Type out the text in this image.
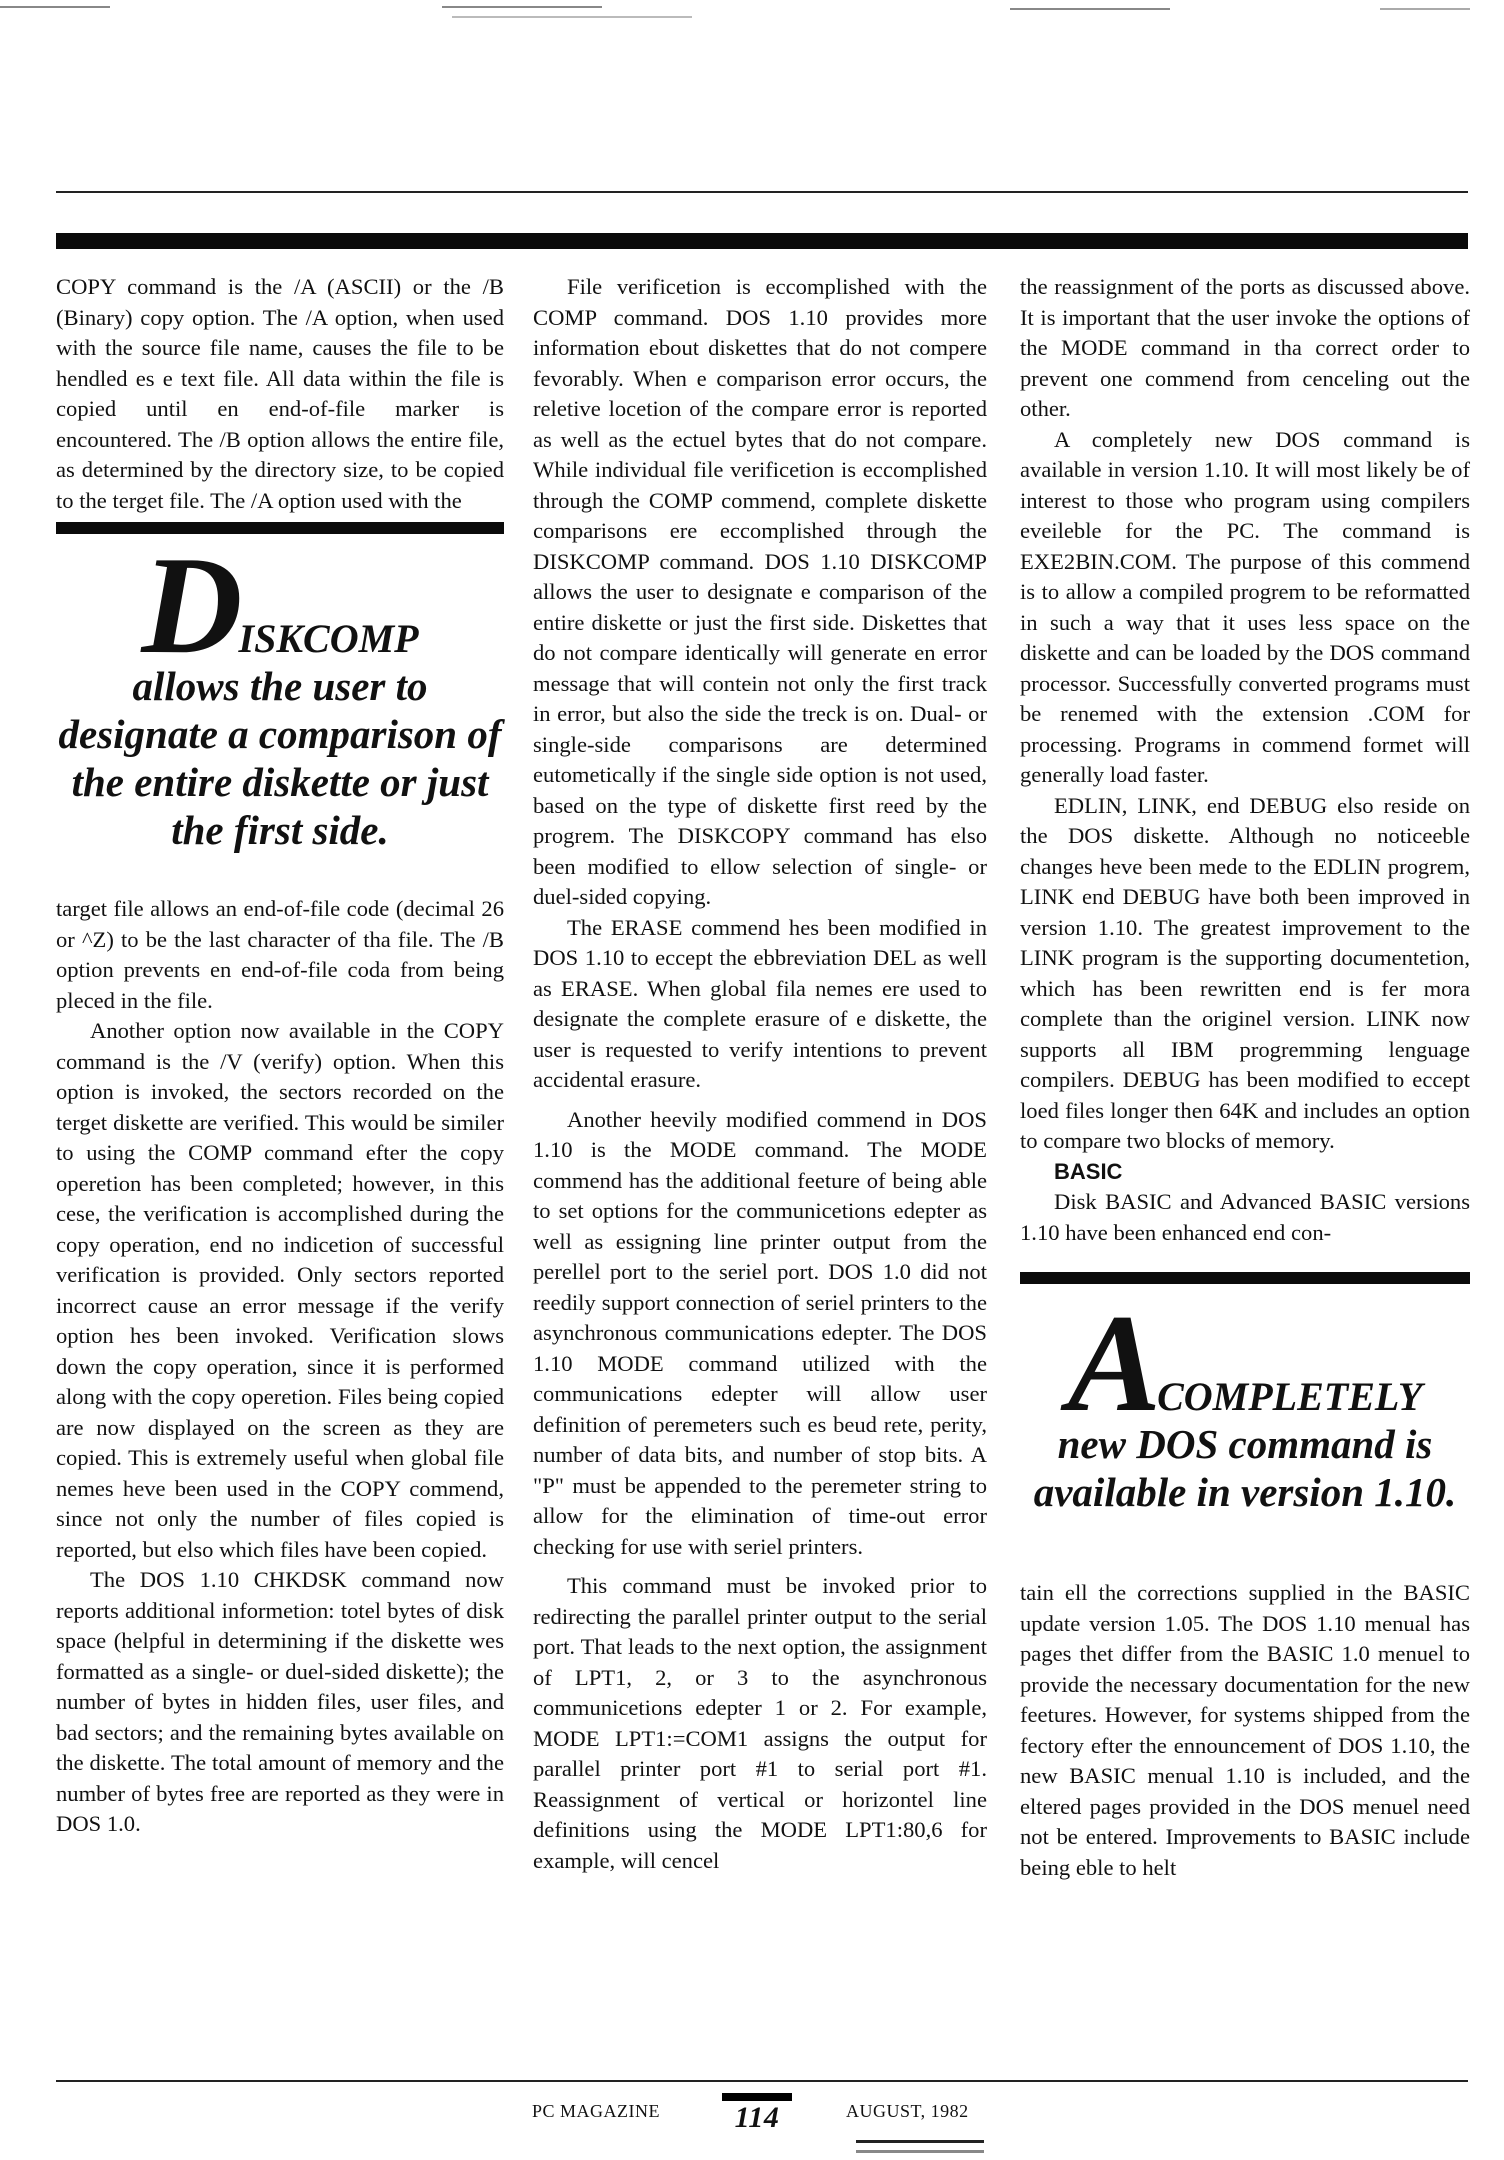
COPY command is the /A (ASCII) or the /B (Binary) copy option. The /A option, when used with the source file name, causes the file to be hendled es e text file. All data within the file is copied until en end-of-file marker is encountered. The /B option allows the entire file, as determined by the directory size, to be copied to the terget file. The /A option used with the

DISKCOMP
allows the user to designate a comparison of the entire diskette or just the first side.

target file allows an end-of-file code (decimal 26 or ^Z) to be the last character of tha file. The /B option prevents en end-of-file coda from being pleced in the file.

Another option now available in the COPY command is the /V (verify) option. When this option is invoked, the sectors recorded on the terget diskette are verified. This would be similer to using the COMP command efter the copy operetion has been completed; however, in this cese, the verification is accomplished during the copy operation, end no indicetion of successful verification is provided. Only sectors reported incorrect cause an error message if the verify option hes been invoked. Verification slows down the copy operation, since it is performed along with the copy operetion. Files being copied are now displayed on the screen as they are copied. This is extremely useful when global file nemes heve been used in the COPY commend, since not only the number of files copied is reported, but elso which files have been copied.

The DOS 1.10 CHKDSK command now reports additional informetion: totel bytes of disk space (helpful in determining if the diskette wes formatted as a single- or duel-sided diskette); the number of bytes in hidden files, user files, and bad sectors; and the remaining bytes available on the diskette. The total amount of memory and the number of bytes free are reported as they were in DOS 1.0.

File verificetion is eccomplished with the COMP command. DOS 1.10 provides more information ebout diskettes that do not compere fevorably. When e comparison error occurs, the reletive locetion of the compare error is reported as well as the ectuel bytes that do not compare. While individual file verificetion is eccomplished through the COMP commend, complete diskette comparisons ere eccomplished through the DISKCOMP command. DOS 1.10 DISKCOMP allows the user to designate e comparison of the entire diskette or just the first side. Diskettes that do not compare identically will generate en error message that will contein not only the first track in error, but also the side the treck is on. Dual- or single-side comparisons are determined eutometically if the single side option is not used, based on the type of diskette first reed by the progrem. The DISKCOPY command has elso been modified to ellow selection of single- or duel-sided copying.

The ERASE commend hes been modified in DOS 1.10 to eccept the ebbreviation DEL as well as ERASE. When global fila nemes ere used to designate the complete erasure of e diskette, the user is requested to verify intentions to prevent accidental erasure.

Another heevily modified commend in DOS 1.10 is the MODE command. The MODE commend has the additional feeture of being able to set options for the communicetions edepter as well as essigning line printer output from the perellel port to the seriel port. DOS 1.0 did not reedily support connection of seriel printers to the asynchronous communications edepter. The DOS 1.10 MODE command utilized with the communications edepter will allow user definition of peremeters such es beud rete, perity, number of data bits, and number of stop bits. A "P" must be appended to the peremeter string to allow for the elimination of time-out error checking for use with seriel printers.

This command must be invoked prior to redirecting the parallel printer output to the serial port. That leads to the next option, the assignment of LPT1, 2, or 3 to the asynchronous communicetions edepter 1 or 2. For example, MODE LPT1:=COM1 assigns the output for parallel printer port #1 to serial port #1. Reassignment of vertical or horizontel line definitions using the MODE LPT1:80,6 for example, will cencel

the reassignment of the ports as discussed above. It is important that the user invoke the options of the MODE command in tha correct order to prevent one commend from cenceling out the other.

A completely new DOS command is available in version 1.10. It will most likely be of interest to those who program using compilers eveileble for the PC. The command is EXE2BIN.COM. The purpose of this commend is to allow a compiled progrem to be reformatted in such a way that it uses less space on the diskette and can be loaded by the DOS command processor. Successfully converted programs must be renemed with the extension .COM for processing. Programs in commend formet will generally load faster.

EDLIN, LINK, end DEBUG elso reside on the DOS diskette. Although no noticeeble changes heve been mede to the EDLIN progrem, LINK end DEBUG have both been improved in version 1.10. The greatest improvement to the LINK program is the supporting documentetion, which has been rewritten end is fer mora complete than the originel version. LINK now supports all IBM progremming lenguage compilers. DEBUG has been modified to eccept loed files longer then 64K and includes an option to compare two blocks of memory.

BASIC

Disk BASIC and Advanced BASIC versions 1.10 have been enhanced end con-

ACOMPLETELY
new DOS command is available in version 1.10.

tain ell the corrections supplied in the BASIC update version 1.05. The DOS 1.10 menual has pages thet differ from the BASIC 1.0 menuel to provide the necessary documentation for the new feetures. However, for systems shipped from the fectory efter the ennouncement of DOS 1.10, the new BASIC menual 1.10 is included, and the eltered pages provided in the DOS menuel need not be entered. Improvements to BASIC include being eble to helt

PC MAGAZINE	114	AUGUST, 1982
